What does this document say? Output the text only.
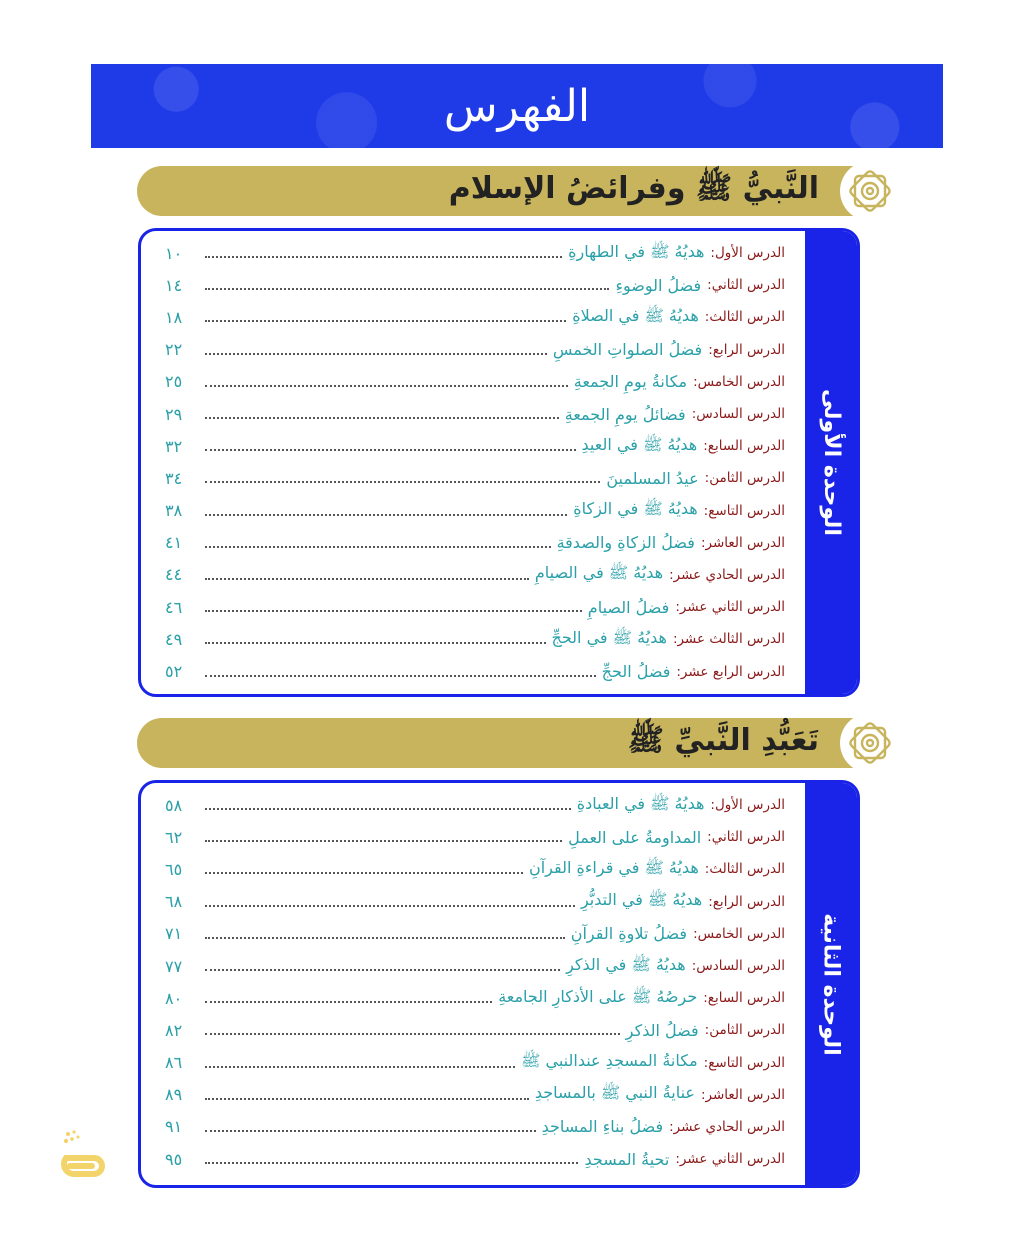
الفهرس
النَّبيُّ ﷺ وفرائضُ الإسلام
الوحدة الأولى
الدرس الأول:
هديُهُ ﷺ في الطهارةِ
١٠
الدرس الثاني:
فضلُ الوضوءِ
١٤
الدرس الثالث:
هديُهُ ﷺ في الصلاةِ
١٨
الدرس الرابع:
فضلُ الصلواتِ الخمسِ
٢٢
الدرس الخامس:
مكانةُ يومِ الجمعةِ
٢٥
الدرس السادس:
فضائلُ يومِ الجمعةِ
٢٩
الدرس السابع:
هديُهُ ﷺ في العيدِ
٣٢
الدرس الثامن:
عيدُ المسلمينَ
٣٤
الدرس التاسع:
هديُهُ ﷺ في الزكاةِ
٣٨
الدرس العاشر:
فضلُ الزكاةِ والصدقةِ
٤١
الدرس الحادي عشر:
هديُهُ ﷺ في الصيامِ
٤٤
الدرس الثاني عشر:
فضلُ الصيامِ
٤٦
الدرس الثالث عشر:
هديُهُ ﷺ في الحجِّ
٤٩
الدرس الرابع عشر:
فضلُ الحجِّ
٥٢
تَعَبُّدِ النَّبيِّ ﷺ
الوحدة الثانية
الدرس الأول:
هديُهُ ﷺ في العبادةِ
٥٨
الدرس الثاني:
المداومةُ على العملِ
٦٢
الدرس الثالث:
هديُهُ ﷺ في قراءةِ القرآنِ
٦٥
الدرس الرابع:
هديُهُ ﷺ في التدبُّرِ
٦٨
الدرس الخامس:
فضلُ تلاوةِ القرآنِ
٧١
الدرس السادس:
هديُهُ ﷺ في الذكرِ
٧٧
الدرس السابع:
حرصُهُ ﷺ على الأذكارِ الجامعةِ
٨٠
الدرس الثامن:
فضلُ الذكرِ
٨٢
الدرس التاسع:
مكانةُ المسجدِ عندالنبي ﷺ
٨٦
الدرس العاشر:
عنايةُ النبي ﷺ بالمساجدِ
٨٩
الدرس الحادي عشر:
فضلُ بناءِ المساجدِ
٩١
الدرس الثاني عشر:
تحيةُ المسجدِ
٩٥
